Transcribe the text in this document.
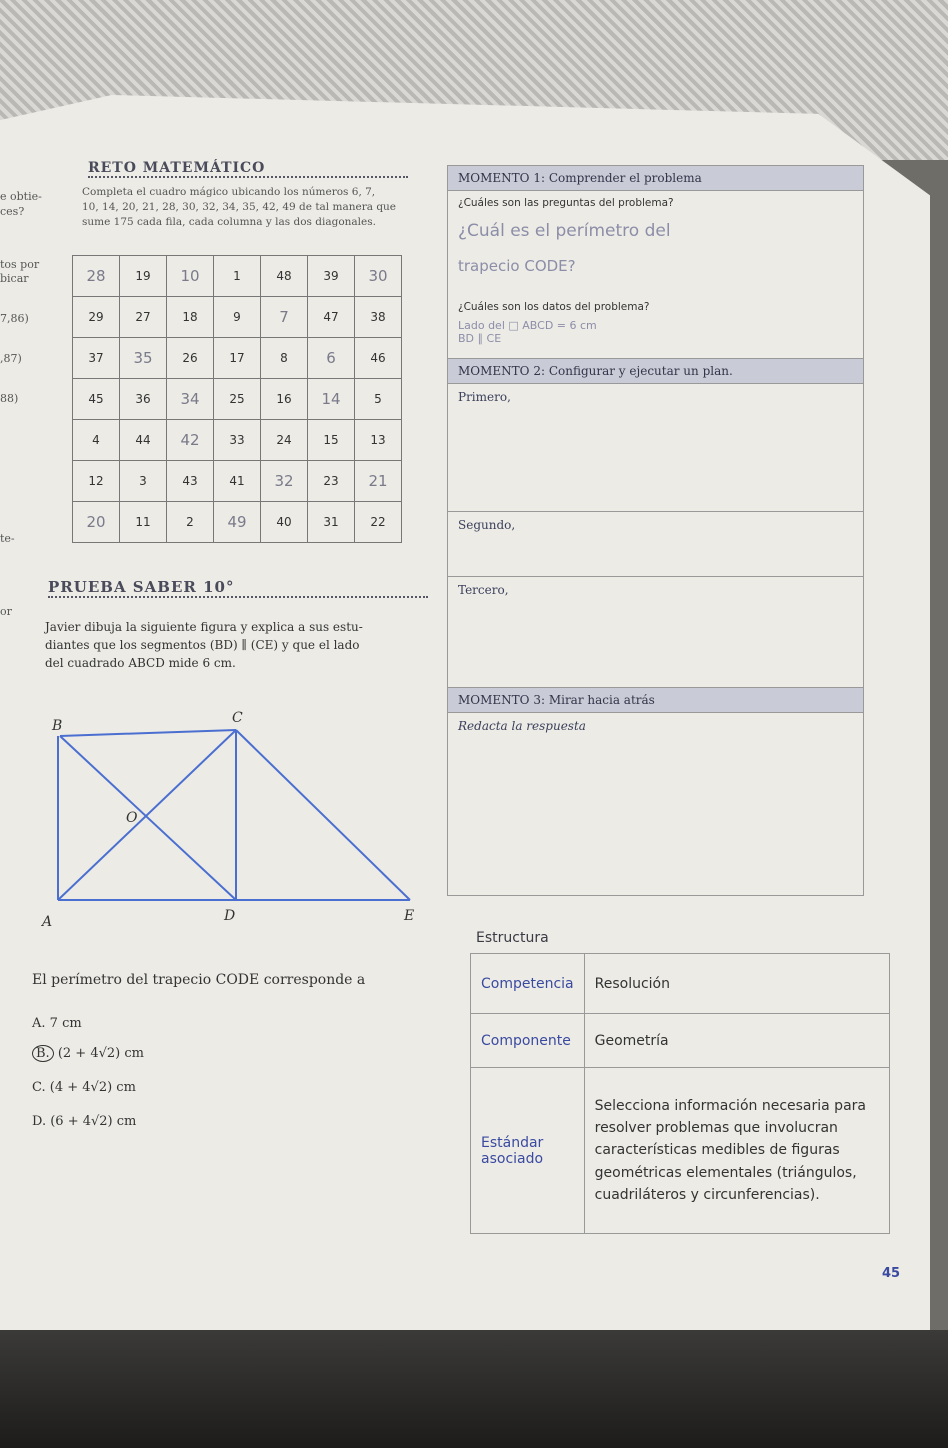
e obtie-
ces?
tos por
bicar
7,86)
,87)
88)
te-
or
RETO MATEMÁTICO
Completa el cuadro mágico ubicando los números 6, 7,
10, 14, 20, 21, 28, 30, 32, 34, 35, 42, 49 de tal manera que
sume 175 cada fila, cada columna y las dos diagonales.
28	19	10	1	48	39	30
29	27	18	9	7	47	38
37	35	26	17	8	6	46
45	36	34	25	16	14	5
4	44	42	33	24	15	13
12	3	43	41	32	23	21
20	11	2	49	40	31	22
PRUEBA SABER 10°
Javier dibuja la siguiente figura y explica a sus estu-
diantes que los segmentos (BD) ∥ (CE) y que el lado
del cuadrado ABCD mide 6 cm.
B	C
O
A	D	E
El perímetro del trapecio CODE corresponde a
A. 7 cm
B. (2 + 4√2) cm
C. (4 + 4√2) cm
D. (6 + 4√2) cm
MOMENTO 1: Comprender el problema
¿Cuáles son las preguntas del problema?
¿Cuál es el perímetro del
trapecio CODE?
¿Cuáles son los datos del problema?
Lado del □ ABCD = 6 cm
BD ∥ CE
MOMENTO 2: Configurar y ejecutar un plan.
Primero,
Segundo,
Tercero,
MOMENTO 3: Mirar hacia atrás
Redacta la respuesta
Estructura
Competencia	Resolución
Componente	Geometría
Estándar asociado	Selecciona información necesaria para resolver problemas que involucran características medibles de figuras geométricas elementales (triángulos, cuadriláteros y circunferencias).
45
